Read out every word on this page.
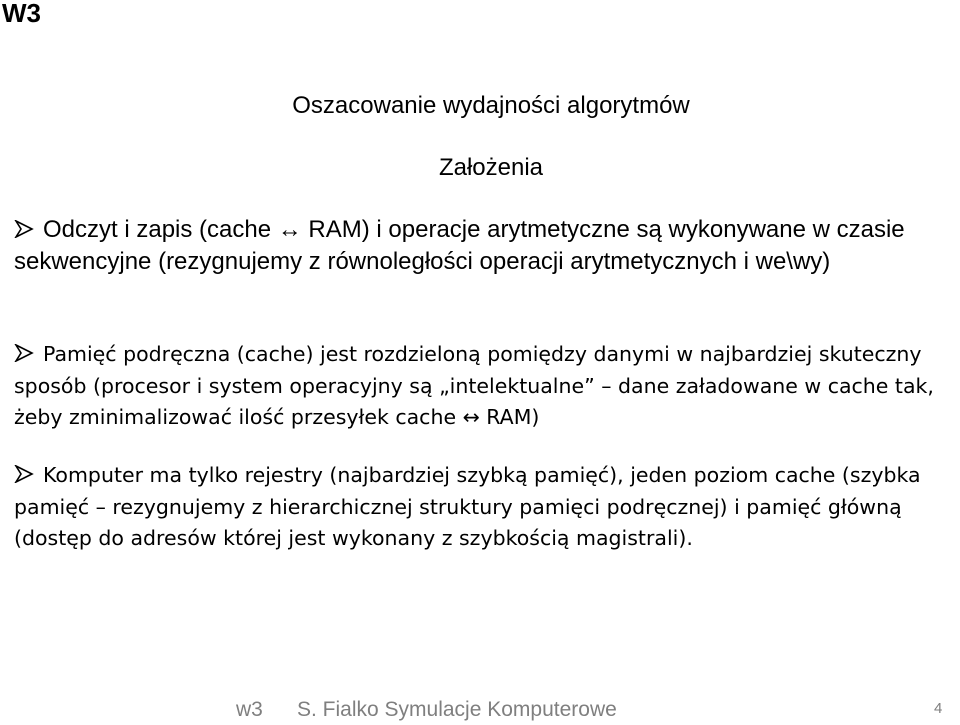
W3
Oszacowanie wydajności algorytmów
Założenia

Odczyt i zapis (cache ↔ RAM) i operacje arytmetyczne są wykonywane w czasie sekwencyjne (rezygnujemy z równoległości operacji arytmetycznych i we\wy)

Pamięć podręczna (cache) jest rozdzieloną pomiędzy danymi w najbardziej skuteczny sposób (procesor i system operacyjny są „intelektualne” – dane załadowane w cache tak, żeby zminimalizować ilość przesyłek cache ↔ RAM)

Komputer ma tylko rejestry (najbardziej szybką pamięć), jeden poziom cache (szybka pamięć – rezygnujemy z hierarchicznej struktury pamięci podręcznej) i pamięć główną (dostęp do adresów której jest wykonany z szybkością magistrali).

w3 S. Fialko Symulacje Komputerowe	4
